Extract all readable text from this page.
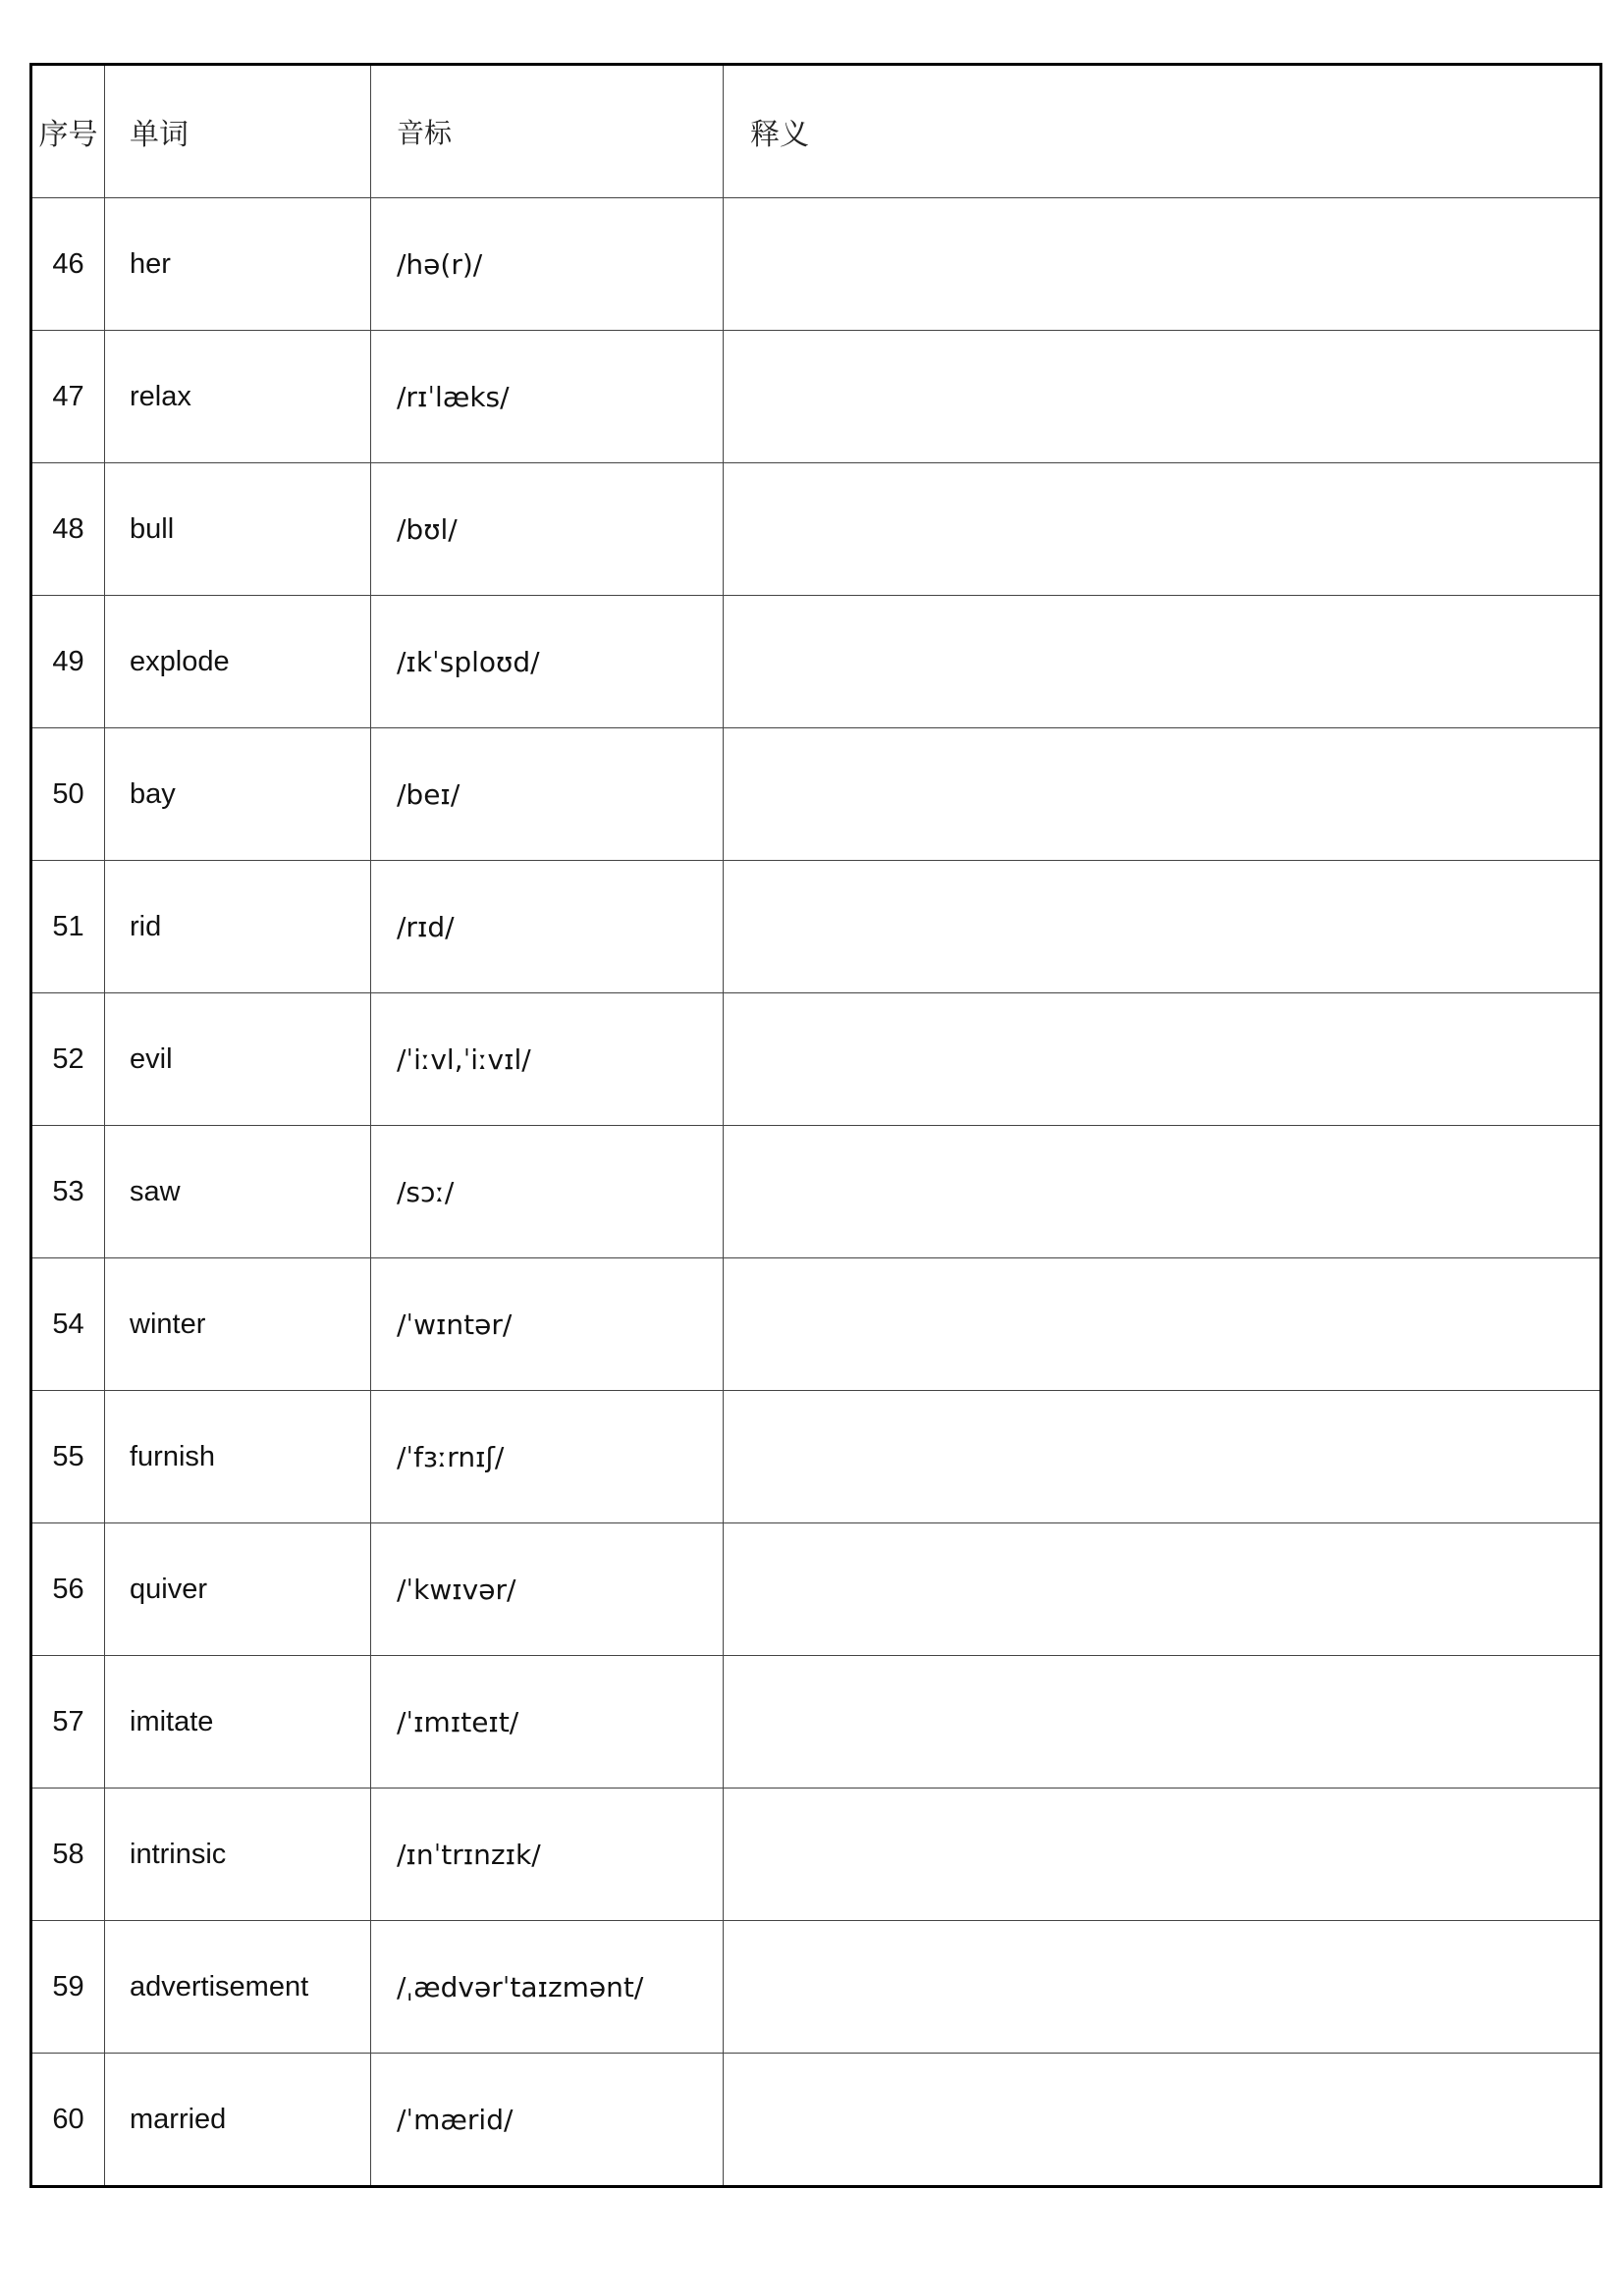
序号	单词	音标	释义
46	her	/hə(r)/	
47	relax	/rɪˈlæks/	
48	bull	/bʊl/	
49	explode	/ɪkˈsploʊd/	
50	bay	/beɪ/	
51	rid	/rɪd/	
52	evil	/ˈiːvl,ˈiːvɪl/	
53	saw	/sɔː/	
54	winter	/ˈwɪntər/	
55	furnish	/ˈfɜːrnɪʃ/	
56	quiver	/ˈkwɪvər/	
57	imitate	/ˈɪmɪteɪt/	
58	intrinsic	/ɪnˈtrɪnzɪk/	
59	advertisement	/ˌædvərˈtaɪzmənt/	
60	married	/ˈmærid/	
